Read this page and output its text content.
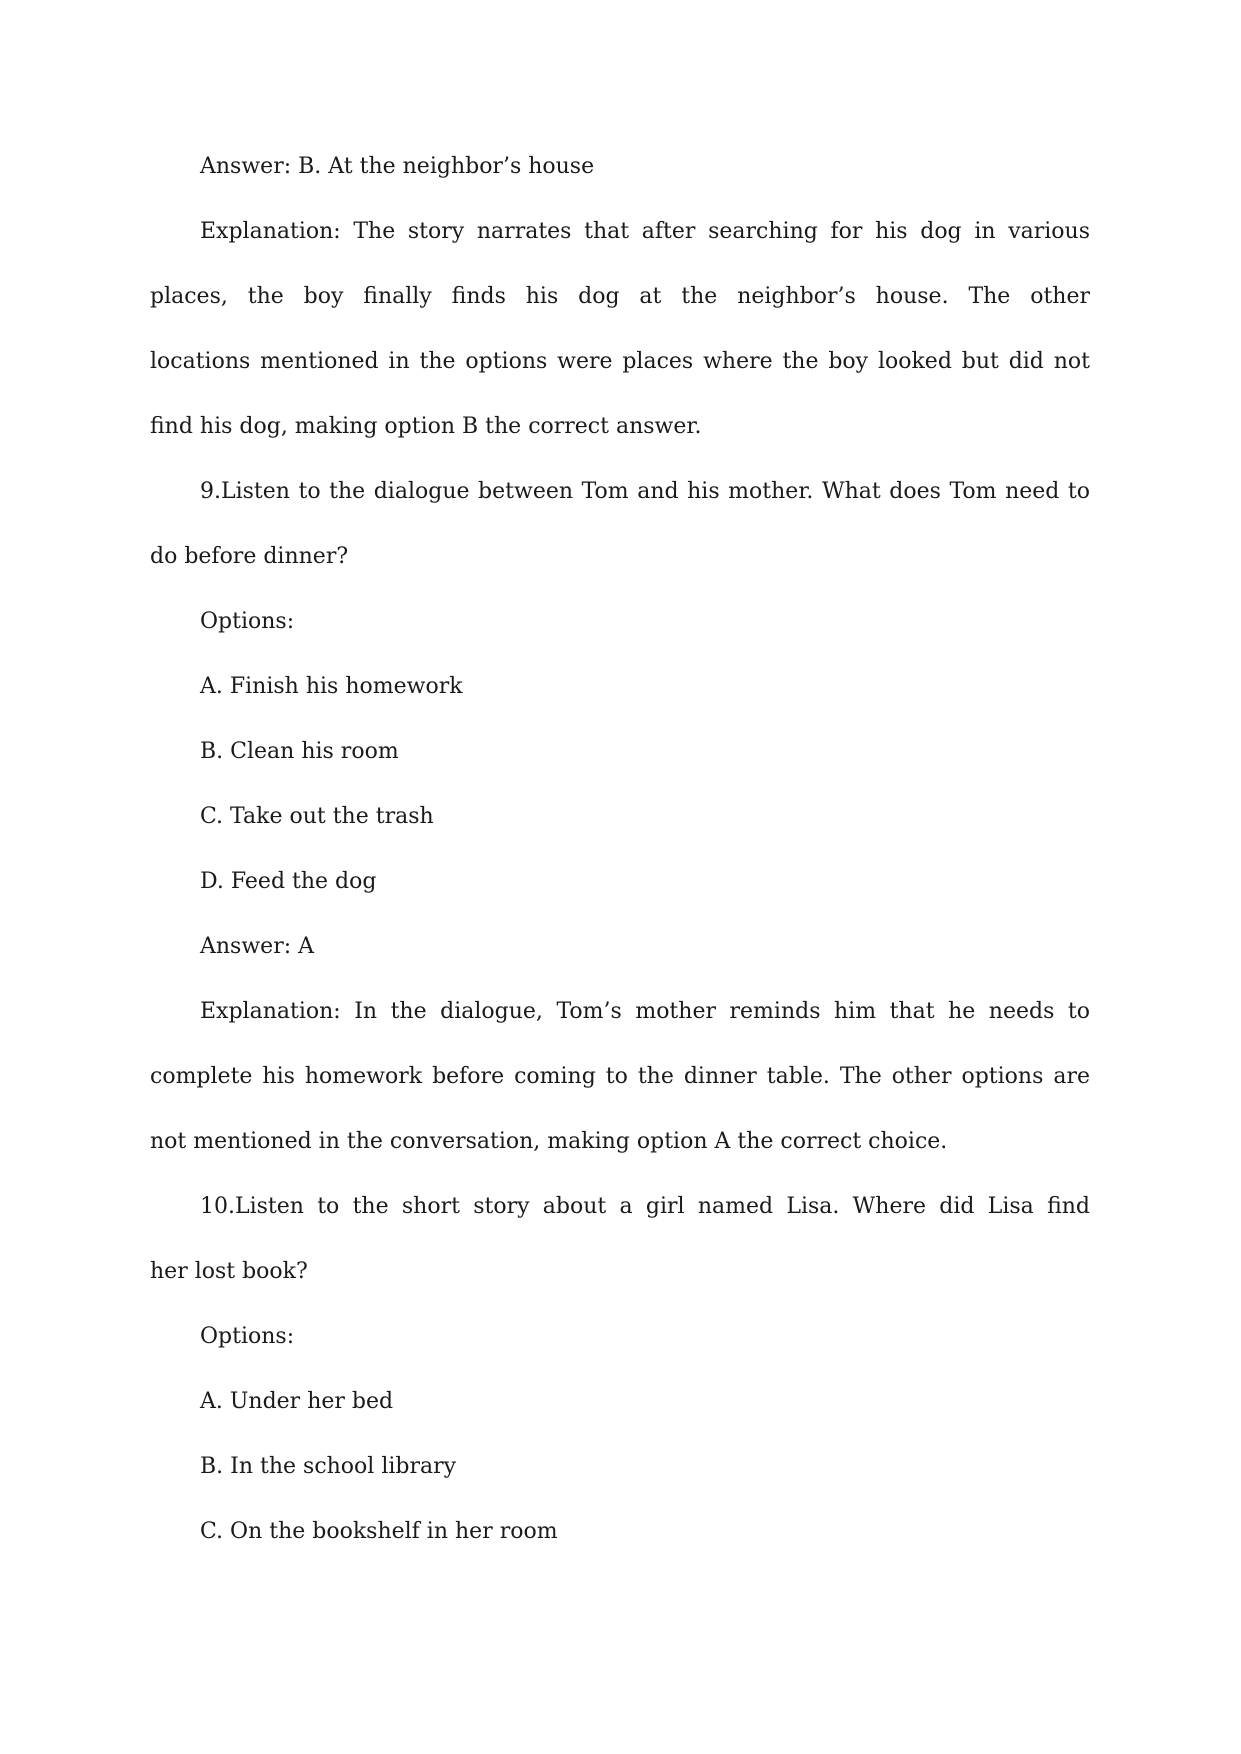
Answer: B. At the neighbor’s house
Explanation: The story narrates that after searching for his dog in various
places, the boy finally finds his dog at the neighbor’s house. The other
locations mentioned in the options were places where the boy looked but did not
find his dog, making option B the correct answer.
9.Listen to the dialogue between Tom and his mother. What does Tom need to
do before dinner?
Options:
A. Finish his homework
B. Clean his room
C. Take out the trash
D. Feed the dog
Answer: A
Explanation: In the dialogue, Tom’s mother reminds him that he needs to
complete his homework before coming to the dinner table. The other options are
not mentioned in the conversation, making option A the correct choice.
10.Listen to the short story about a girl named Lisa. Where did Lisa find
her lost book?
Options:
A. Under her bed
B. In the school library
C. On the bookshelf in her room
